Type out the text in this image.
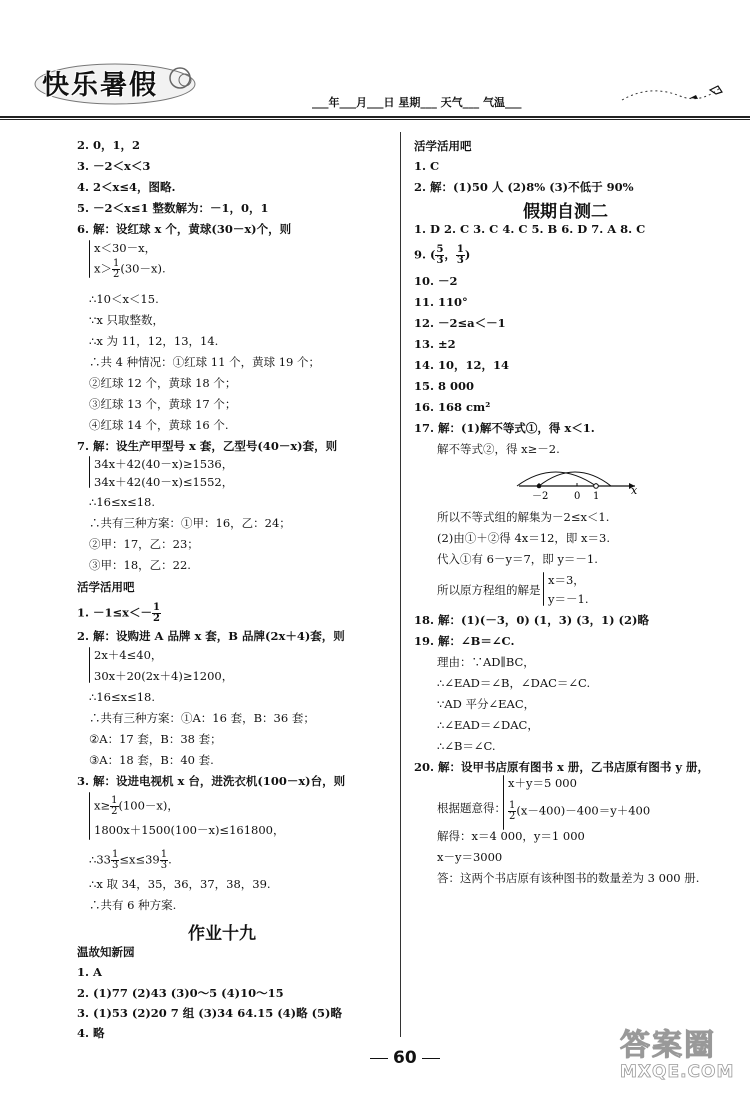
快乐暑假
___年___月___日 星期___ 天气___ 气温___
2. 0，1，2
3. －2＜x＜3
4. 2＜x≤4，图略.
5. －2＜x≤1 整数解为：－1，0，1
6. 解：设红球 x 个，黄球(30－x)个，则
x＜30－x，
$x> \frac{1}{2} (30-x)$.
∴10＜x＜15.
∵x 只取整数，
∴x 为 11，12，13，14.
∴共 4 种情况：①红球 11 个，黄球 19 个；
②红球 12 个，黄球 18 个；
③红球 13 个，黄球 17 个；
④红球 14 个，黄球 16 个.
7. 解：设生产甲型号 x 套，乙型号(40－x)套，则
34x＋42(40－x)≥1536，
34x＋42(40－x)≤1552，
∴16≤x≤18.
∴共有三种方案：①甲：16，乙：24；
②甲：17，乙：23；
③甲：18，乙：22.
活学活用吧
1. $-1\le x<- \frac{1}{2}$
2. 解：设购进 A 品牌 x 套，B 品牌(2x＋4)套，则
2x＋4≤40，
30x＋20(2x＋4)≥1200，
∴16≤x≤18.
∴共有三种方案：①A：16 套，B：36 套；
②A：17 套，B：38 套；
③A：18 套，B：40 套.
3. 解：设进电视机 x 台，进洗衣机(100－x)台，则
$x\ge \frac{1}{2} (100-x)$，
1800x＋1500(100－x)≤161800，
∴33 $\frac{1}{3} \le x\le 39 \frac{1}{3}$ .
∴x 取 34，35，36，37，38，39.
∴共有 6 种方案.
作业十九
温故知新园
1. A
2. (1)77 (2)43 (3)0～5 (4)10～15
3. (1)53 (2)20 7 组 (3)34 64.15 (4)略 (5)略
4. 略
活学活用吧
1. C
2. 解：(1)50 人 (2)8% (3)不低于 90%
假期自测二
1. D 2. C 3. C 4. C 5. B 6. D 7. A 8. C
9. ( $\frac{5}{3}$ ， $\frac{1}{3}$ )
10. －2
11. 110°
12. －2≤a＜－1
13. ±2
14. 10，12，14
15. 8 000
16. 168 cm²
17. 解：(1)解不等式①，得 x＜1.
解不等式②，得 x≥－2.
－2	0 1	x
所以不等式组的解集为－2≤x＜1.
(2)由①＋②得 4x＝12，即 x＝3.
代入①有 6－y＝7，即 y＝－1.
所以原方程组的解是
x＝3，
y＝－1.
18. 解：(1)(－3，0) (1，3) (3，1) (2)略
19. 解：∠B＝∠C.
理由：∵AD∥BC，
∴∠EAD＝∠B，∠DAC＝∠C.
∵AD 平分∠EAC，
∴∠EAD＝∠DAC，
∴∠B＝∠C.
20. 解：设甲书店原有图书 x 册，乙书店原有图书 y 册，
根据题意得：
x＋y＝5 000
$\frac{1}{2} (x-400)-400=y+400$
解得：x＝4 000，y＝1 000
x－y＝3000
答：这两个书店原有该种图书的数量差为 3 000 册.
60	答案圈
MXQE.COM
